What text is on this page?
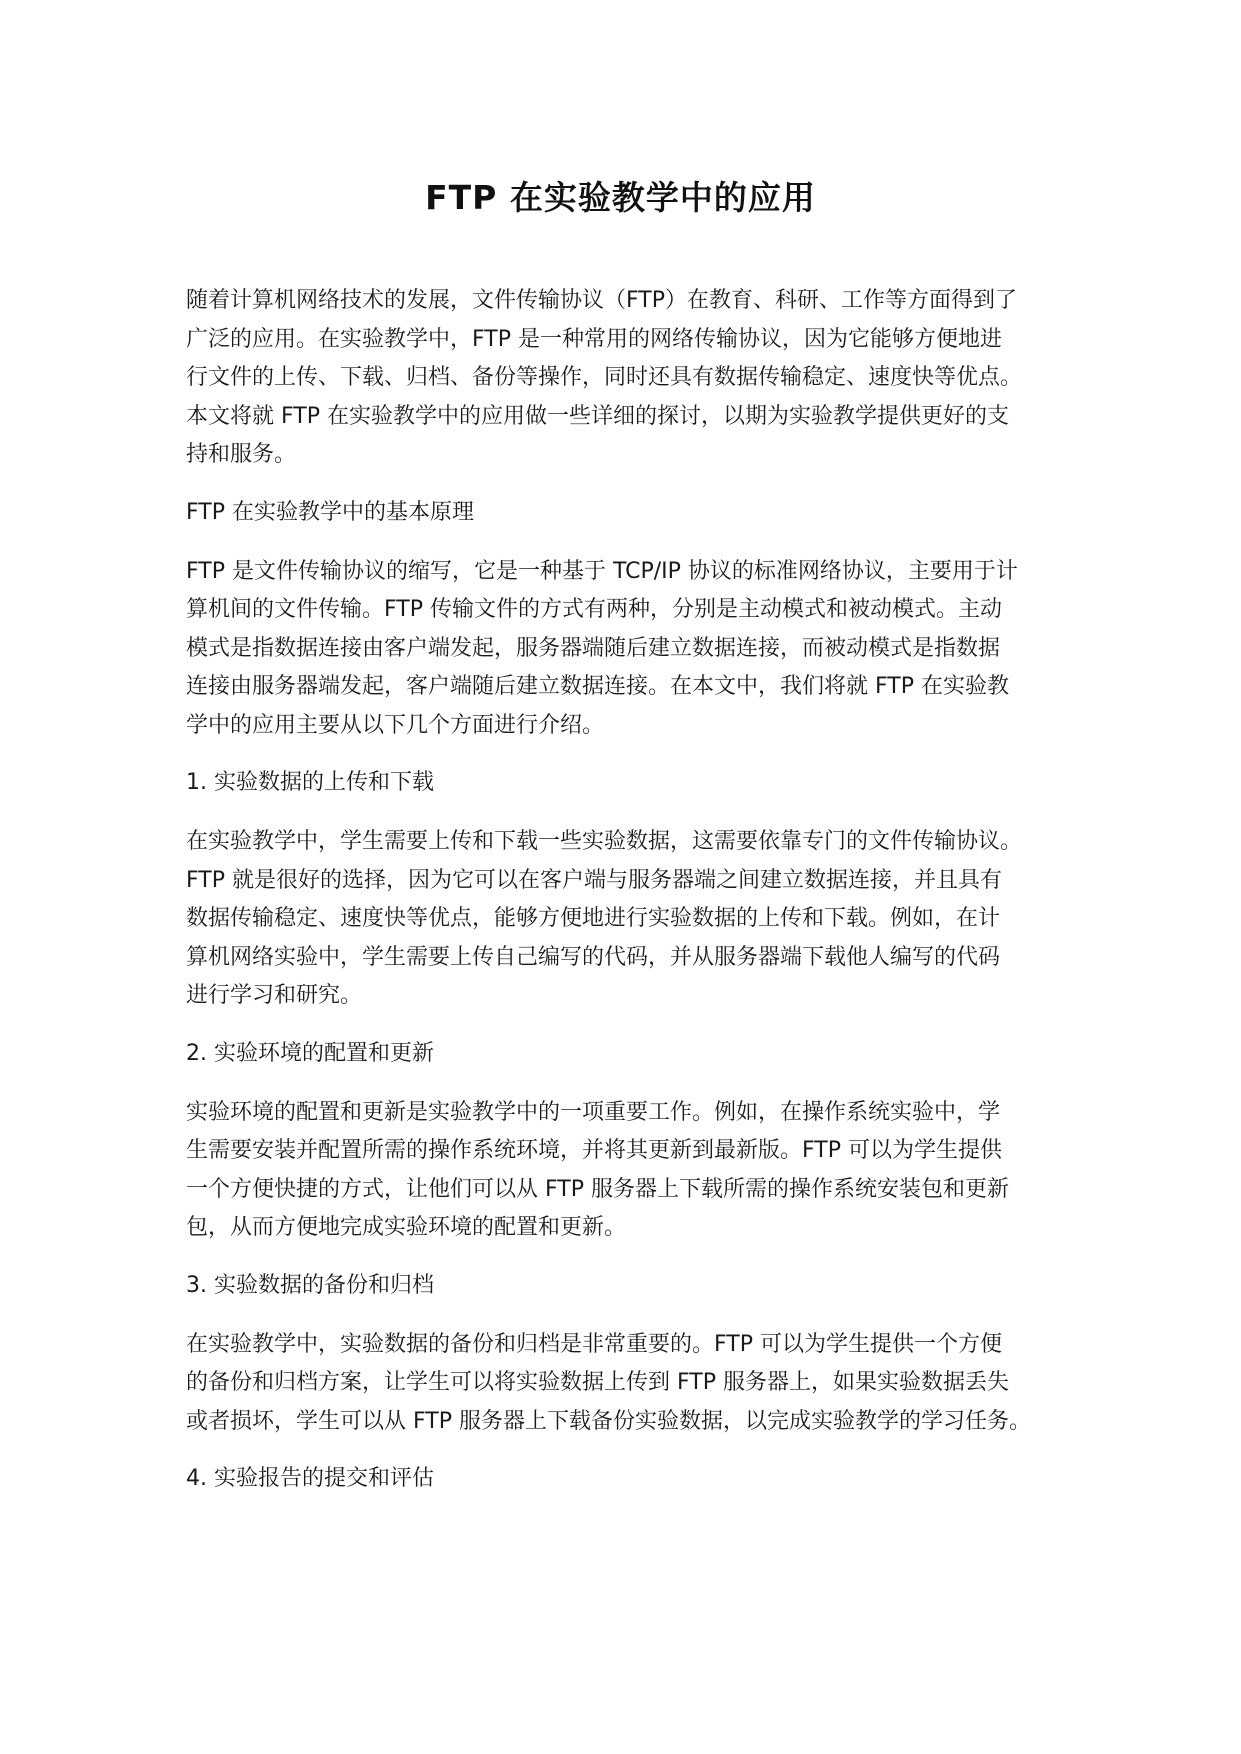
FTP 在实验教学中的应用

随着计算机网络技术的发展，文件传输协议（FTP）在教育、科研、工作等方面得到了
广泛的应用。在实验教学中，FTP 是一种常用的网络传输协议，因为它能够方便地进
行文件的上传、下载、归档、备份等操作，同时还具有数据传输稳定、速度快等优点。
本文将就 FTP 在实验教学中的应用做一些详细的探讨，以期为实验教学提供更好的支
持和服务。

FTP 在实验教学中的基本原理

FTP 是文件传输协议的缩写，它是一种基于 TCP/IP 协议的标准网络协议，主要用于计
算机间的文件传输。FTP 传输文件的方式有两种，分别是主动模式和被动模式。主动
模式是指数据连接由客户端发起，服务器端随后建立数据连接，而被动模式是指数据
连接由服务器端发起，客户端随后建立数据连接。在本文中，我们将就 FTP 在实验教
学中的应用主要从以下几个方面进行介绍。

1. 实验数据的上传和下载

在实验教学中，学生需要上传和下载一些实验数据，这需要依靠专门的文件传输协议。
FTP 就是很好的选择，因为它可以在客户端与服务器端之间建立数据连接，并且具有
数据传输稳定、速度快等优点，能够方便地进行实验数据的上传和下载。例如，在计
算机网络实验中，学生需要上传自己编写的代码，并从服务器端下载他人编写的代码
进行学习和研究。

2. 实验环境的配置和更新

实验环境的配置和更新是实验教学中的一项重要工作。例如，在操作系统实验中，学
生需要安装并配置所需的操作系统环境，并将其更新到最新版。FTP 可以为学生提供
一个方便快捷的方式，让他们可以从 FTP 服务器上下载所需的操作系统安装包和更新
包，从而方便地完成实验环境的配置和更新。

3. 实验数据的备份和归档

在实验教学中，实验数据的备份和归档是非常重要的。FTP 可以为学生提供一个方便
的备份和归档方案，让学生可以将实验数据上传到 FTP 服务器上，如果实验数据丢失
或者损坏，学生可以从 FTP 服务器上下载备份实验数据，以完成实验教学的学习任务。

4. 实验报告的提交和评估
